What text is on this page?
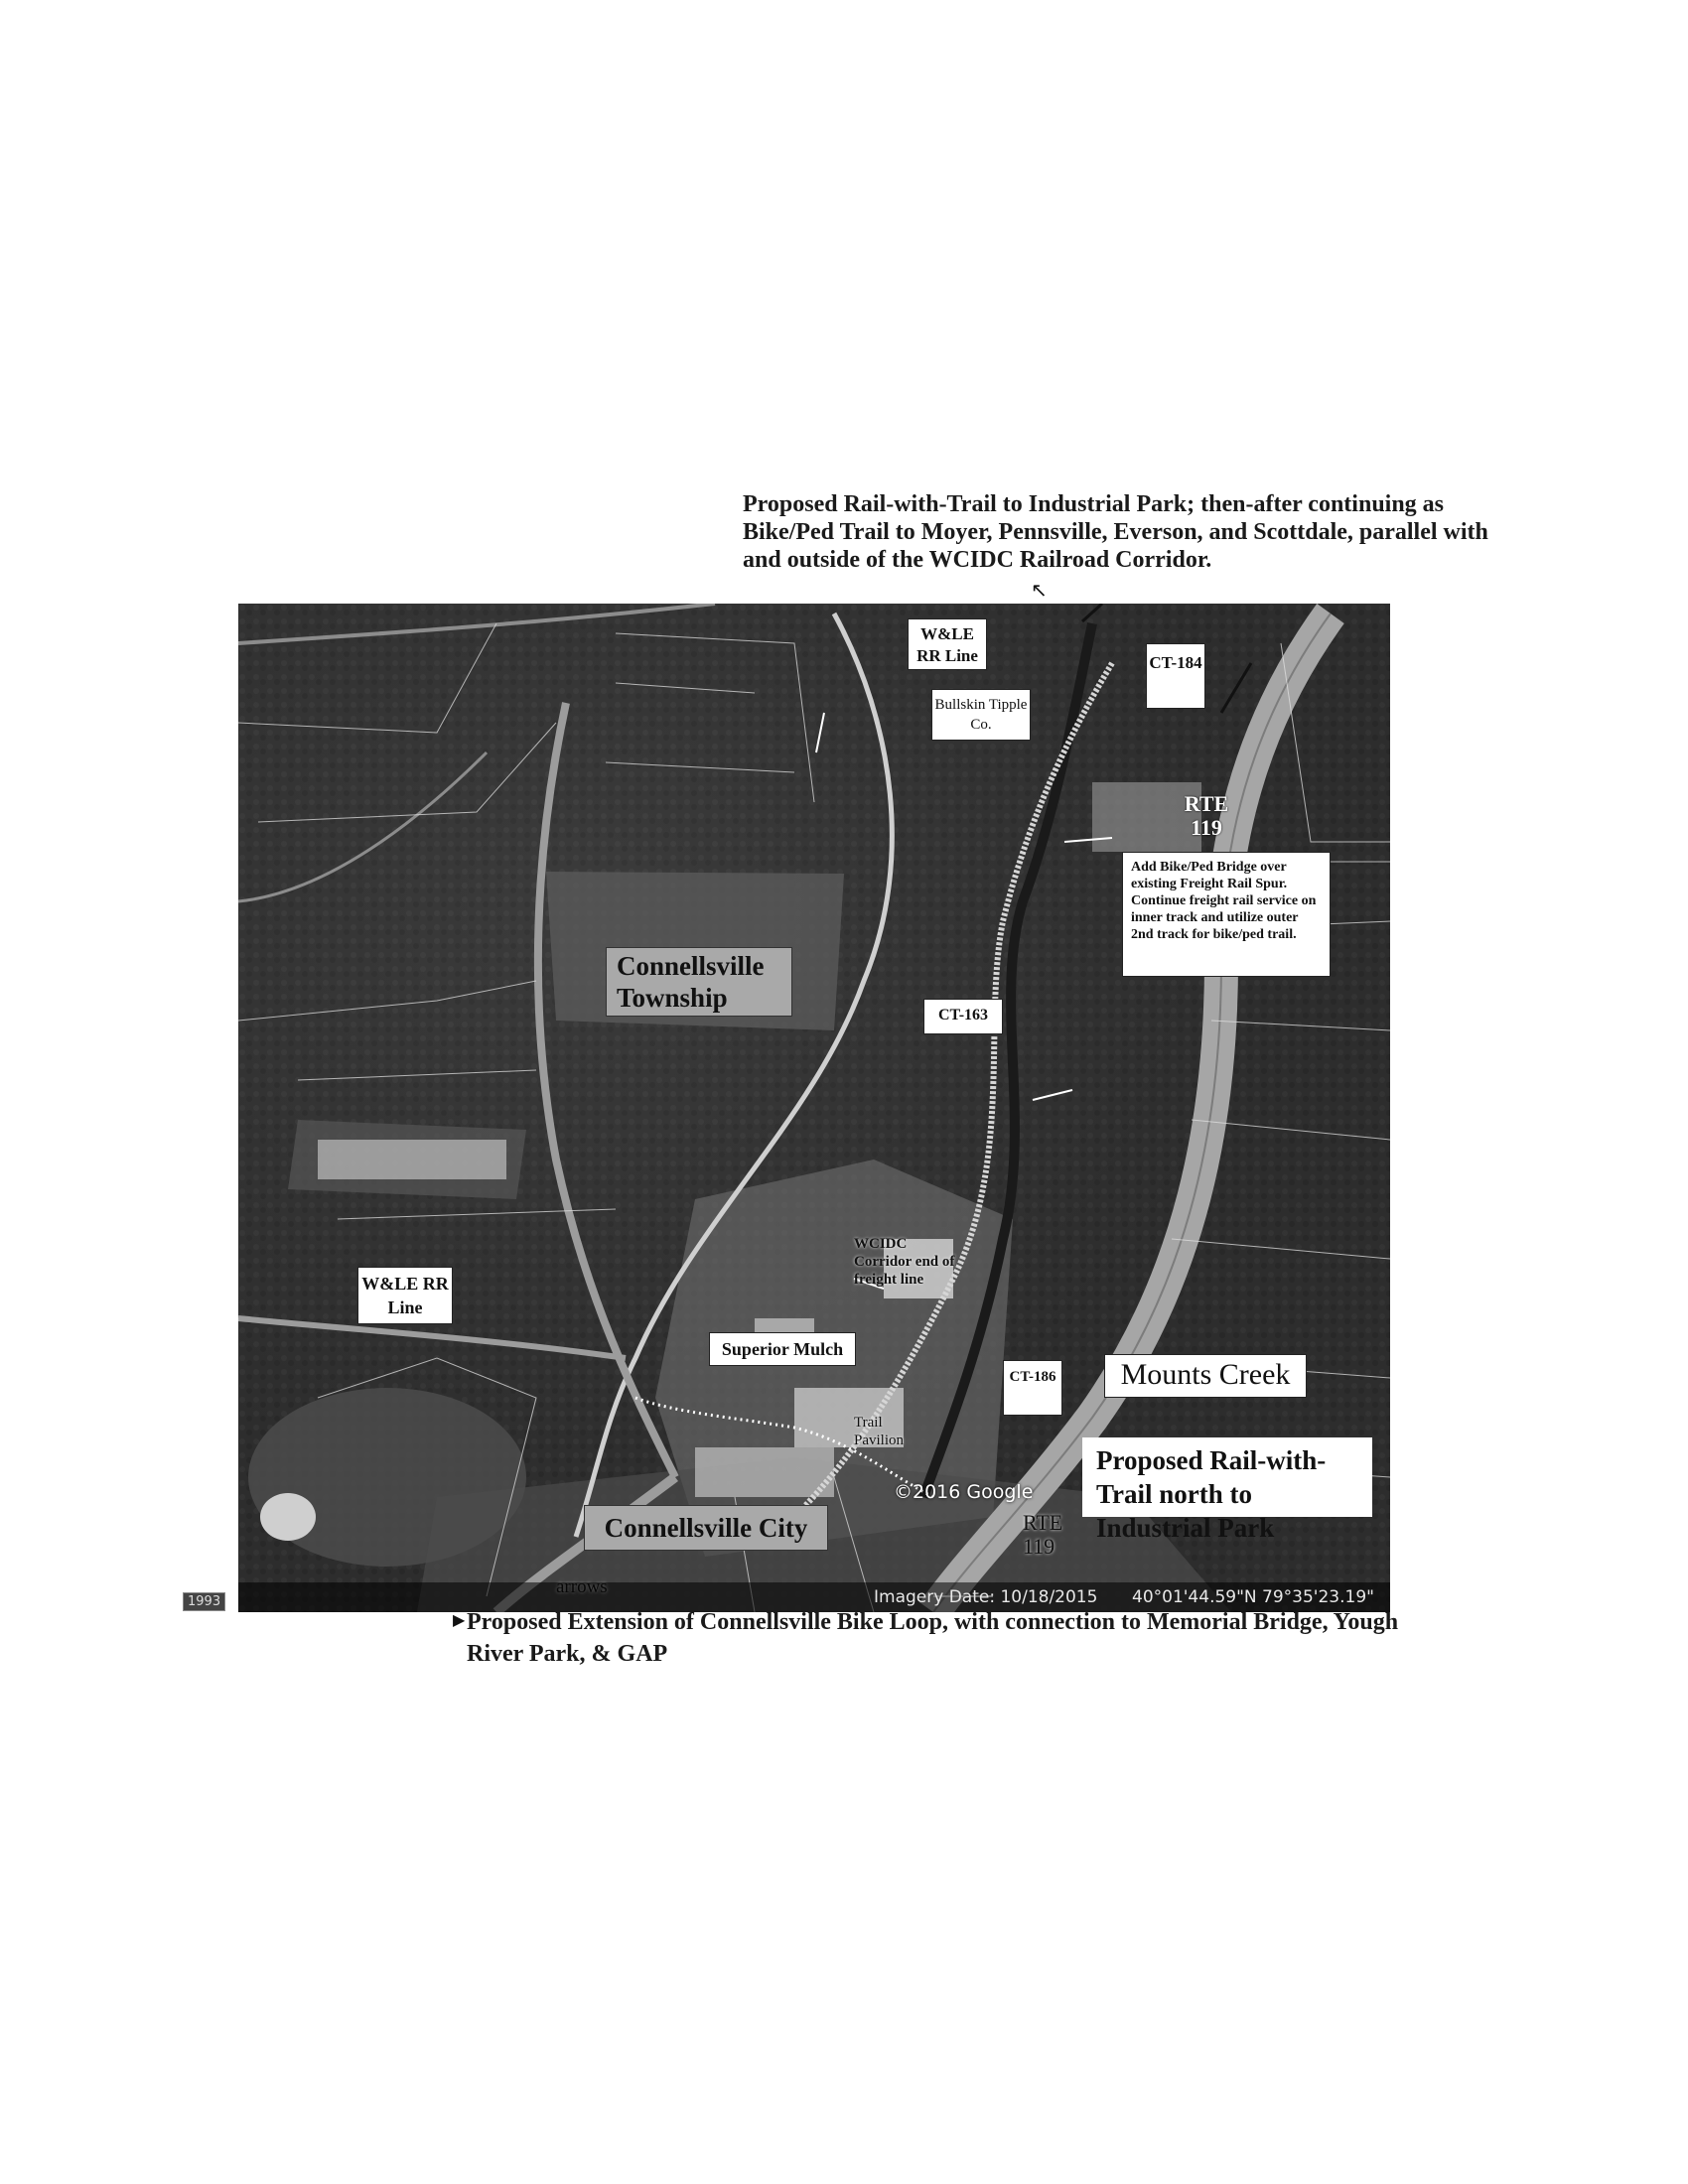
Proposed Rail-with-Trail to Industrial Park; then-after continuing as Bike/Ped Trail to Moyer, Pennsville, Everson, and Scottdale, parallel with and outside of the WCIDC Railroad Corridor.
W&LE RR Line
Bullskin Tipple Co.
CT-184
RTE 119
Add Bike/Ped Bridge over existing Freight Rail Spur. Continue freight rail service on inner track and utilize outer 2nd track for bike/ped trail.
Connellsville Township
CT-163
W&LE RR Line
WCIDC Corridor end of freight line
Superior Mulch
CT-186	Mounts Creek
Trail Pavilion
Proposed Rail-with-Trail north to Industrial Park
Connellsville City	RTE 119
©2016 Google
Imagery Date: 10/18/2015 40°01'44.59"N 79°35'23.19"
1993
▶
↖
Proposed Extension of Connellsville Bike Loop, with connection to Memorial Bridge, Yough River Park, & GAP
